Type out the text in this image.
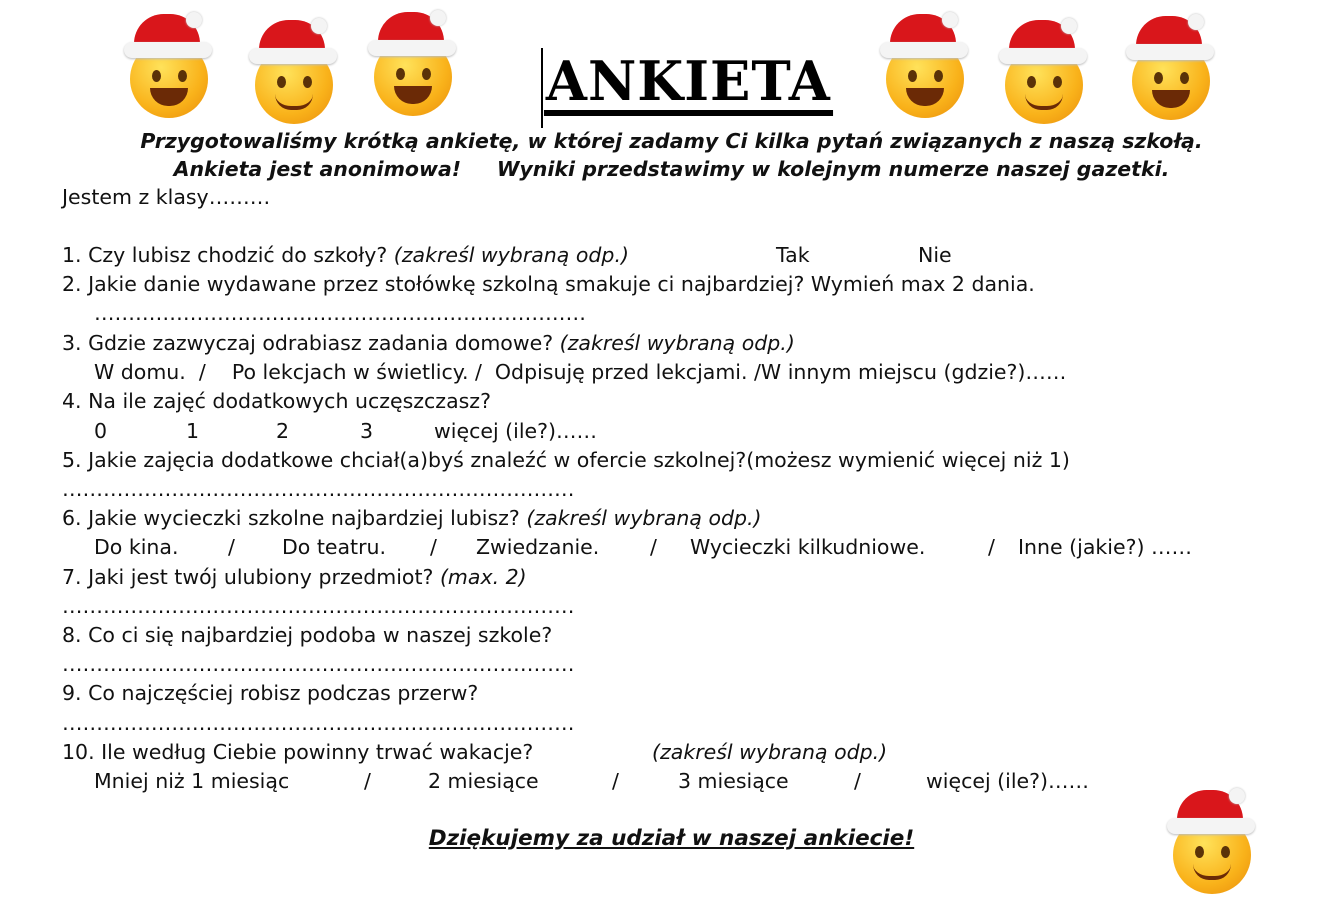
ANKIETA
Przygotowaliśmy krótką ankietę, w której zadamy Ci kilka pytań związanych z naszą szkołą.
Ankieta jest anonimowa!     Wyniki przedstawimy w kolejnym numerze naszej gazetki.
Jestem z klasy………
1. Czy lubisz chodzić do szkoły? (zakreśl wybraną odp.)	Tak	Nie
2. Jakie danie wydawane przez stołówkę szkolną smakuje ci najbardziej? Wymień max 2 dania.
………………………………………………………………
3. Gdzie zazwyczaj odrabiasz zadania domowe? (zakreśl wybraną odp.)
W domu.  /    Po lekcjach w świetlicy. /  Odpisuję przed lekcjami. /W innym miejscu (gdzie?)……
4. Na ile zajęć dodatkowych uczęszczasz?

0

	1

	2

	3

	więcej (ile?)……

5. Jakie zajęcia dodatkowe chciał(a)byś znaleźć w ofercie szkolnej?(możesz wymienić więcej niż 1)
…………………………………………………………………
6. Jakie wycieczki szkolne najbardziej lubisz? (zakreśl wybraną odp.)

Do kina.

/

Do teatru.

/

Zwiedzanie.

/

Wycieczki kilkudniowe.

	/

Inne (jakie?) ……

7. Jaki jest twój ulubiony przedmiot? (max. 2)
…………………………………………………………………
8. Co ci się najbardziej podoba w naszej szkole?
…………………………………………………………………
9. Co najczęściej robisz podczas przerw?
…………………………………………………………………
10. Ile według Ciebie powinny trwać wakacje?	(zakreśl wybraną odp.)

Mniej niż 1 miesiąc

	/

	2 miesiące

	/

	3 miesiące

	/

	więcej (ile?)……

Dziękujemy za udział w naszej ankiecie!
